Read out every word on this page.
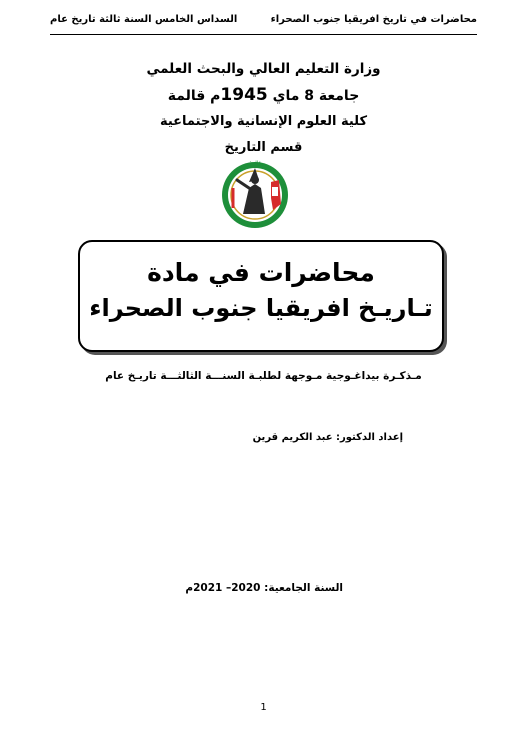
محاضرات في تاريخ افريقيا جنوب الصحراء
السداس الخامس السنة ثالثة تاريخ عام
وزارة التعليم العالي والبحث العلمي
جامعة 8 ماي 1945م قالمة
كلية العلوم الإنسانية والاجتماعية
قسم التاريخ
قالمة
محاضرات في مادة
تـاريـخ افريقيا جنوب الصحراء
مـذكـرة بيداغـوجية مـوجهة لطلبـة السنـــة الثالثـــة تاريـخ عام
إعداد الدكتور: عبد الكريم قرين
السنة الجامعية: 2020– 2021م
1
